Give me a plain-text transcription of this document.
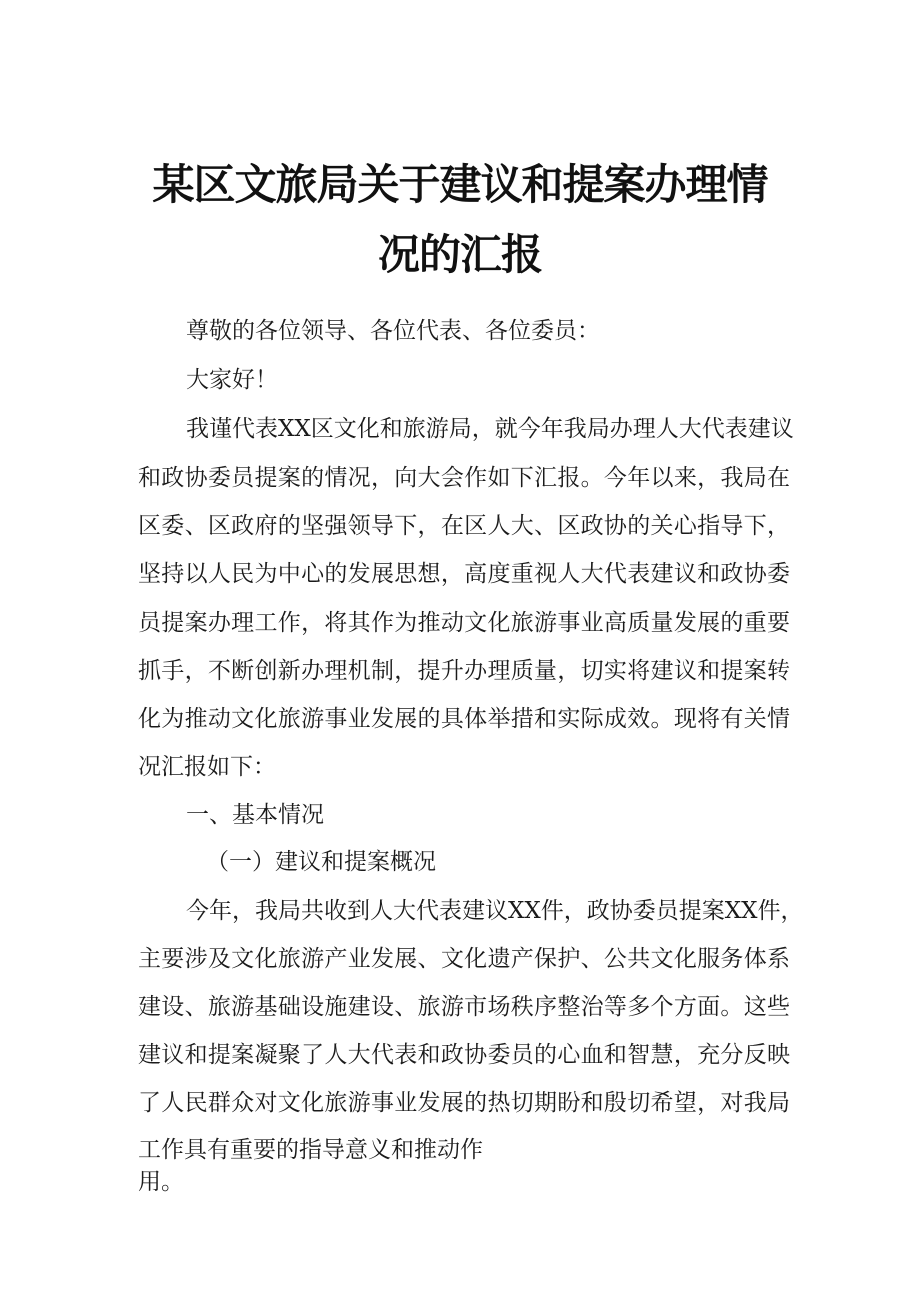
某区文旅局关于建议和提案办理情
况的汇报

尊敬的各位领导、各位代表、各位委员：

大家好！

我谨代表XX区文化和旅游局，就今年我局办理人大代表建议

和政协委员提案的情况，向大会作如下汇报。今年以来，我局在

区委、区政府的坚强领导下，在区人大、区政协的关心指导下，

坚持以人民为中心的发展思想，高度重视人大代表建议和政协委

员提案办理工作，将其作为推动文化旅游事业高质量发展的重要

抓手，不断创新办理机制，提升办理质量，切实将建议和提案转

化为推动文化旅游事业发展的具体举措和实际成效。现将有关情

况汇报如下：

一、基本情况
（一）建议和提案概况

今年，我局共收到人大代表建议XX件，政协委员提案XX件，

主要涉及文化旅游产业发展、文化遗产保护、公共文化服务体系

建设、旅游基础设施建设、旅游市场秩序整治等多个方面。这些

建议和提案凝聚了人大代表和政协委员的心血和智慧，充分反映

了人民群众对文化旅游事业发展的热切期盼和殷切希望，对我局

工作具有重要的指导意义和推动作

用。
